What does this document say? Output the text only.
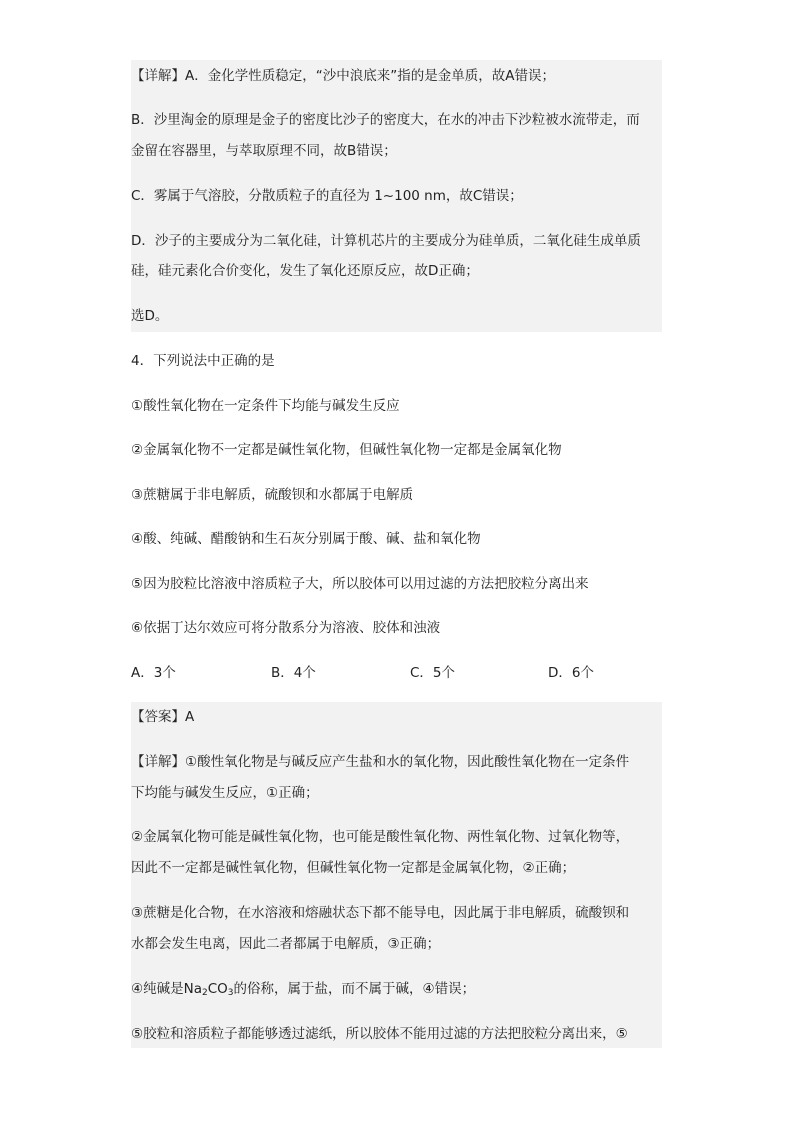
【详解】A．金化学性质稳定，“沙中浪底来”指的是金单质，故A错误；
B．沙里淘金的原理是金子的密度比沙子的密度大，在水的冲击下沙粒被水流带走，而
金留在容器里，与萃取原理不同，故B错误；
C．雾属于气溶胶，分散质粒子的直径为 1~100 nm，故C错误；
D．沙子的主要成分为二氧化硅，计算机芯片的主要成分为硅单质，二氧化硅生成单质
硅，硅元素化合价变化，发生了氧化还原反应，故D正确；
选D。
4．下列说法中正确的是
①酸性氧化物在一定条件下均能与碱发生反应
②金属氧化物不一定都是碱性氧化物，但碱性氧化物一定都是金属氧化物
③蔗糖属于非电解质，硫酸钡和水都属于电解质
④酸、纯碱、醋酸钠和生石灰分别属于酸、碱、盐和氧化物
⑤因为胶粒比溶液中溶质粒子大，所以胶体可以用过滤的方法把胶粒分离出来
⑥依据丁达尔效应可将分散系分为溶液、胶体和浊液
A．3个	B．4个	C．5个	D．6个
【答案】A
【详解】①酸性氧化物是与碱反应产生盐和水的氧化物，因此酸性氧化物在一定条件
下均能与碱发生反应，①正确；
②金属氧化物可能是碱性氧化物，也可能是酸性氧化物、两性氧化物、过氧化物等，
因此不一定都是碱性氧化物，但碱性氧化物一定都是金属氧化物，②正确；
③蔗糖是化合物，在水溶液和熔融状态下都不能导电，因此属于非电解质，硫酸钡和
水都会发生电离，因此二者都属于电解质，③正确；
④纯碱是$Na_2CO_3$的俗称，属于盐，而不属于碱，④错误；
⑤胶粒和溶质粒子都能够透过滤纸，所以胶体不能用过滤的方法把胶粒分离出来，⑤
